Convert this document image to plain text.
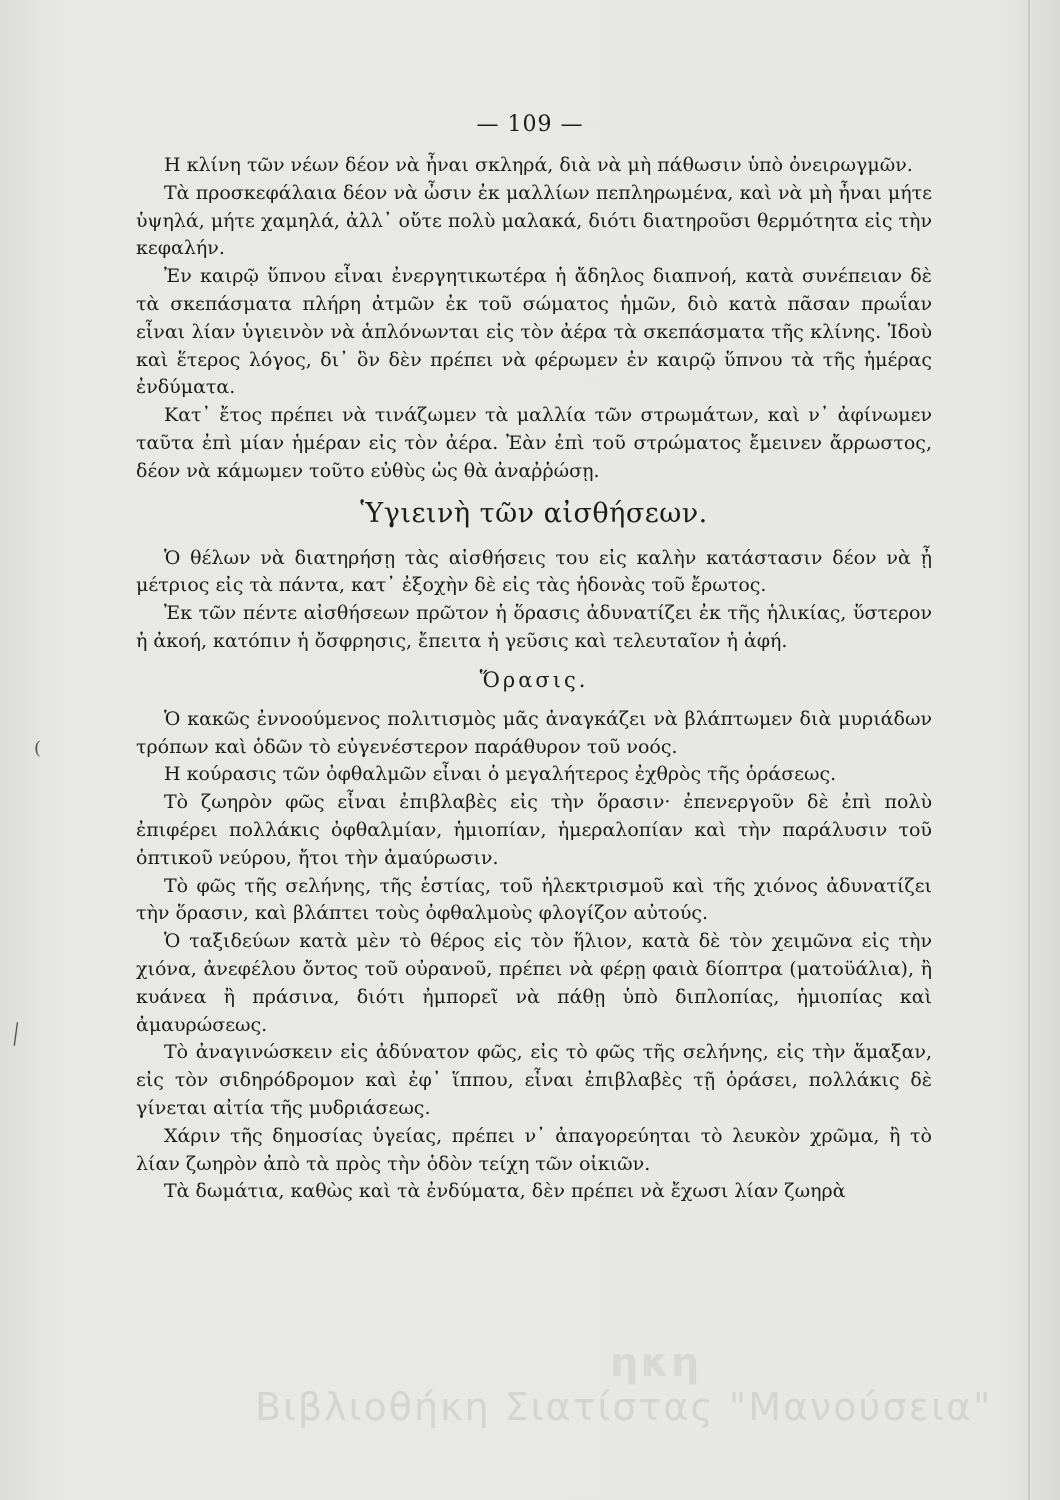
— 109 —

Η κλίνη τῶν νέων δέον νὰ ἦναι σκληρά, διὰ νὰ μὴ πάθωσιν ὑπὸ ὀνειρωγμῶν.

Τὰ προσκεφάλαια δέον νὰ ὦσιν ἐκ μαλλίων πεπληρωμένα, καὶ νὰ μὴ ἦναι μήτε ὑψηλά, μήτε χαμηλά, ἀλλ᾽ οὔτε πολὺ μαλακά, διότι διατηροῦσι θερμότητα εἰς τὴν κεφαλήν.

Ἐν καιρῷ ὕπνου εἶναι ἐνεργητικωτέρα ἡ ἄδηλος διαπνοή, κατὰ συνέπειαν δὲ τὰ σκεπάσματα πλήρη ἀτμῶν ἐκ τοῦ σώματος ἡμῶν, διὸ κατὰ πᾶσαν πρωΐαν εἶναι λίαν ὑγιεινὸν νὰ ἁπλόνωνται εἰς τὸν ἀέρα τὰ σκεπάσματα τῆς κλίνης. Ἰδοὺ καὶ ἕτερος λόγος, δι᾽ ὃν δὲν πρέπει νὰ φέρωμεν ἐν καιρῷ ὕπνου τὰ τῆς ἡμέρας ἐνδύματα.

Κατ᾽ ἔτος πρέπει νὰ τινάζωμεν τὰ μαλλία τῶν στρωμάτων, καὶ ν᾽ ἀφίνωμεν ταῦτα ἐπὶ μίαν ἡμέραν εἰς τὸν ἀέρα. Ἐὰν ἐπὶ τοῦ στρώματος ἔμεινεν ἄρρωστος, δέον νὰ κάμωμεν τοῦτο εὐθὺς ὡς θὰ ἀναῤῥώσῃ.

Ὑγιεινὴ τῶν αἰσθήσεων.

Ὁ θέλων νὰ διατηρήσῃ τὰς αἰσθήσεις του εἰς καλὴν κατάστασιν δέον νὰ ᾖ μέτριος εἰς τὰ πάντα, κατ᾽ ἐξοχὴν δὲ εἰς τὰς ἡδονὰς τοῦ ἔρωτος.

Ἐκ τῶν πέντε αἰσθήσεων πρῶτον ἡ ὅρασις ἀδυνατίζει ἐκ τῆς ἡλικίας, ὕστερον ἡ ἀκοή, κατόπιν ἡ ὄσφρησις, ἔπειτα ἡ γεῦσις καὶ τελευταῖον ἡ ἁφή.

Ὅρασις.

Ὁ κακῶς ἐννοούμενος πολιτισμὸς μᾶς ἀναγκάζει νὰ βλάπτωμεν διὰ μυριάδων τρόπων καὶ ὁδῶν τὸ εὐγενέστερον παράθυρον τοῦ νοός.

Η κούρασις τῶν ὀφθαλμῶν εἶναι ὁ μεγαλήτερος ἐχθρὸς τῆς ὁράσεως.

Τὸ ζωηρὸν φῶς εἶναι ἐπιβλαβὲς εἰς τὴν ὅρασιν· ἐπενεργοῦν δὲ ἐπὶ πολὺ ἐπιφέρει πολλάκις ὀφθαλμίαν, ἡμιοπίαν, ἡμεραλοπίαν καὶ τὴν παράλυσιν τοῦ ὀπτικοῦ νεύρου, ἤτοι τὴν ἀμαύρωσιν.

Τὸ φῶς τῆς σελήνης, τῆς ἑστίας, τοῦ ἠλεκτρισμοῦ καὶ τῆς χιόνος ἀδυνατίζει τὴν ὅρασιν, καὶ βλάπτει τοὺς ὀφθαλμοὺς φλογίζον αὐτούς.

Ὁ ταξιδεύων κατὰ μὲν τὸ θέρος εἰς τὸν ἥλιον, κατὰ δὲ τὸν χειμῶνα εἰς τὴν χιόνα, ἀνεφέλου ὄντος τοῦ οὐρανοῦ, πρέπει νὰ φέρῃ φαιὰ δίοπτρα (ματοϋάλια), ἢ κυάνεα ἢ πράσινα, διότι ἠμπορεῖ νὰ πάθῃ ὑπὸ διπλοπίας, ἡμιοπίας καὶ ἀμαυρώσεως.

Τὸ ἀναγινώσκειν εἰς ἀδύνατον φῶς, εἰς τὸ φῶς τῆς σελήνης, εἰς τὴν ἅμαξαν, εἰς τὸν σιδηρόδρομον καὶ ἐφ᾽ ἵππου, εἶναι ἐπιβλαβὲς τῇ ὁράσει, πολλάκις δὲ γίνεται αἰτία τῆς μυδριάσεως.

Χάριν τῆς δημοσίας ὑγείας, πρέπει ν᾽ ἀπαγορεύηται τὸ λευκὸν χρῶμα, ἢ τὸ λίαν ζωηρὸν ἀπὸ τὰ πρὸς τὴν ὁδὸν τείχη τῶν οἰκιῶν.

Τὰ δωμάτια, καθὼς καὶ τὰ ἐνδύματα, δὲν πρέπει νὰ ἔχωσι λίαν ζωηρὰ

ηκη
Βιβλιοθήκη Σιατίστας "Μανούσεια"
(
╲
